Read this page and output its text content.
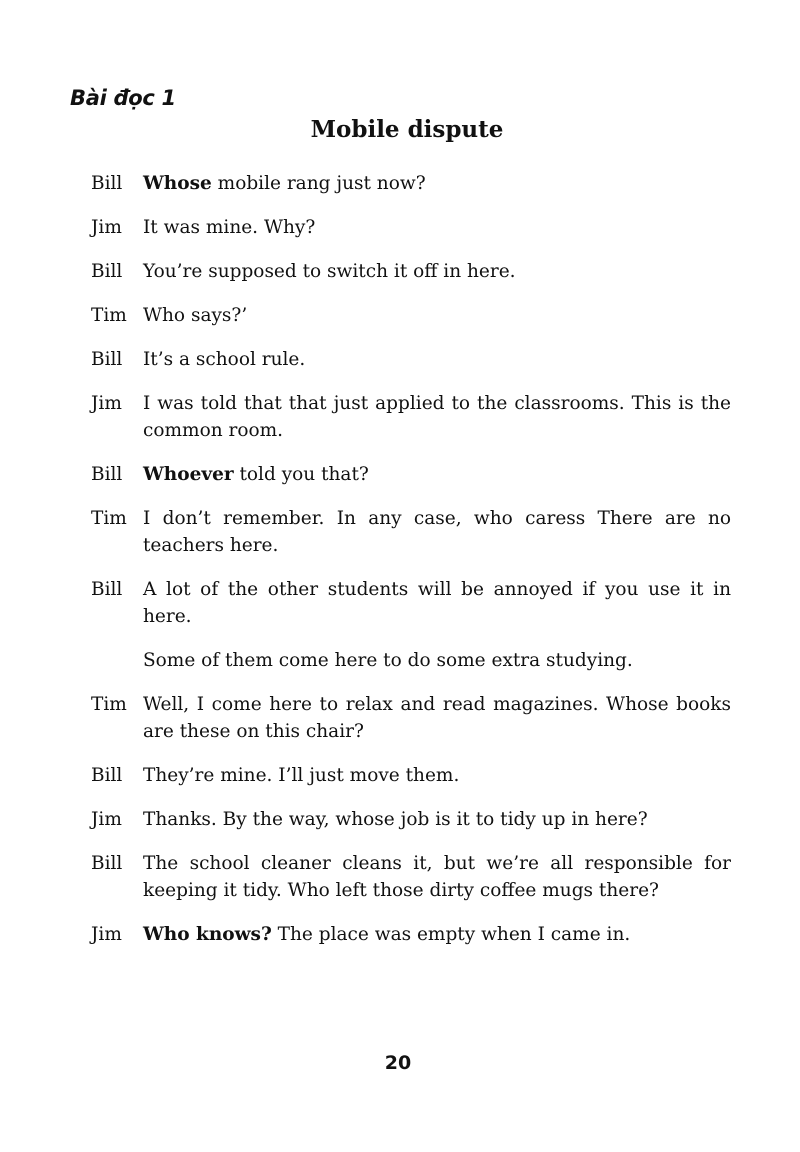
Bài đọc 1
Mobile dispute
Bill	Whose mobile rang just now?
Jim	It was mine. Why?
Bill	You’re supposed to switch it off in here.
Tim Who says?’
Bill	It’s a school rule.
Jim	I was told that that just applied to the classrooms. This is the common room.
Bill	Whoever told you that?
Tim I don’t remember. In any case, who caress There are no teachers here.
Bill	A lot of the other students will be annoyed if you use it in here.
Some of them come here to do some extra studying.
Tim Well, I come here to relax and read magazines. Whose books are these on this chair?
Bill	They’re mine. I’ll just move them.
Jim	Thanks. By the way, whose job is it to tidy up in here?
Bill	The school cleaner cleans it, but we’re all responsible for keeping it tidy. Who left those dirty coffee mugs there?
Jim	Who knows? The place was empty when I came in.
20
